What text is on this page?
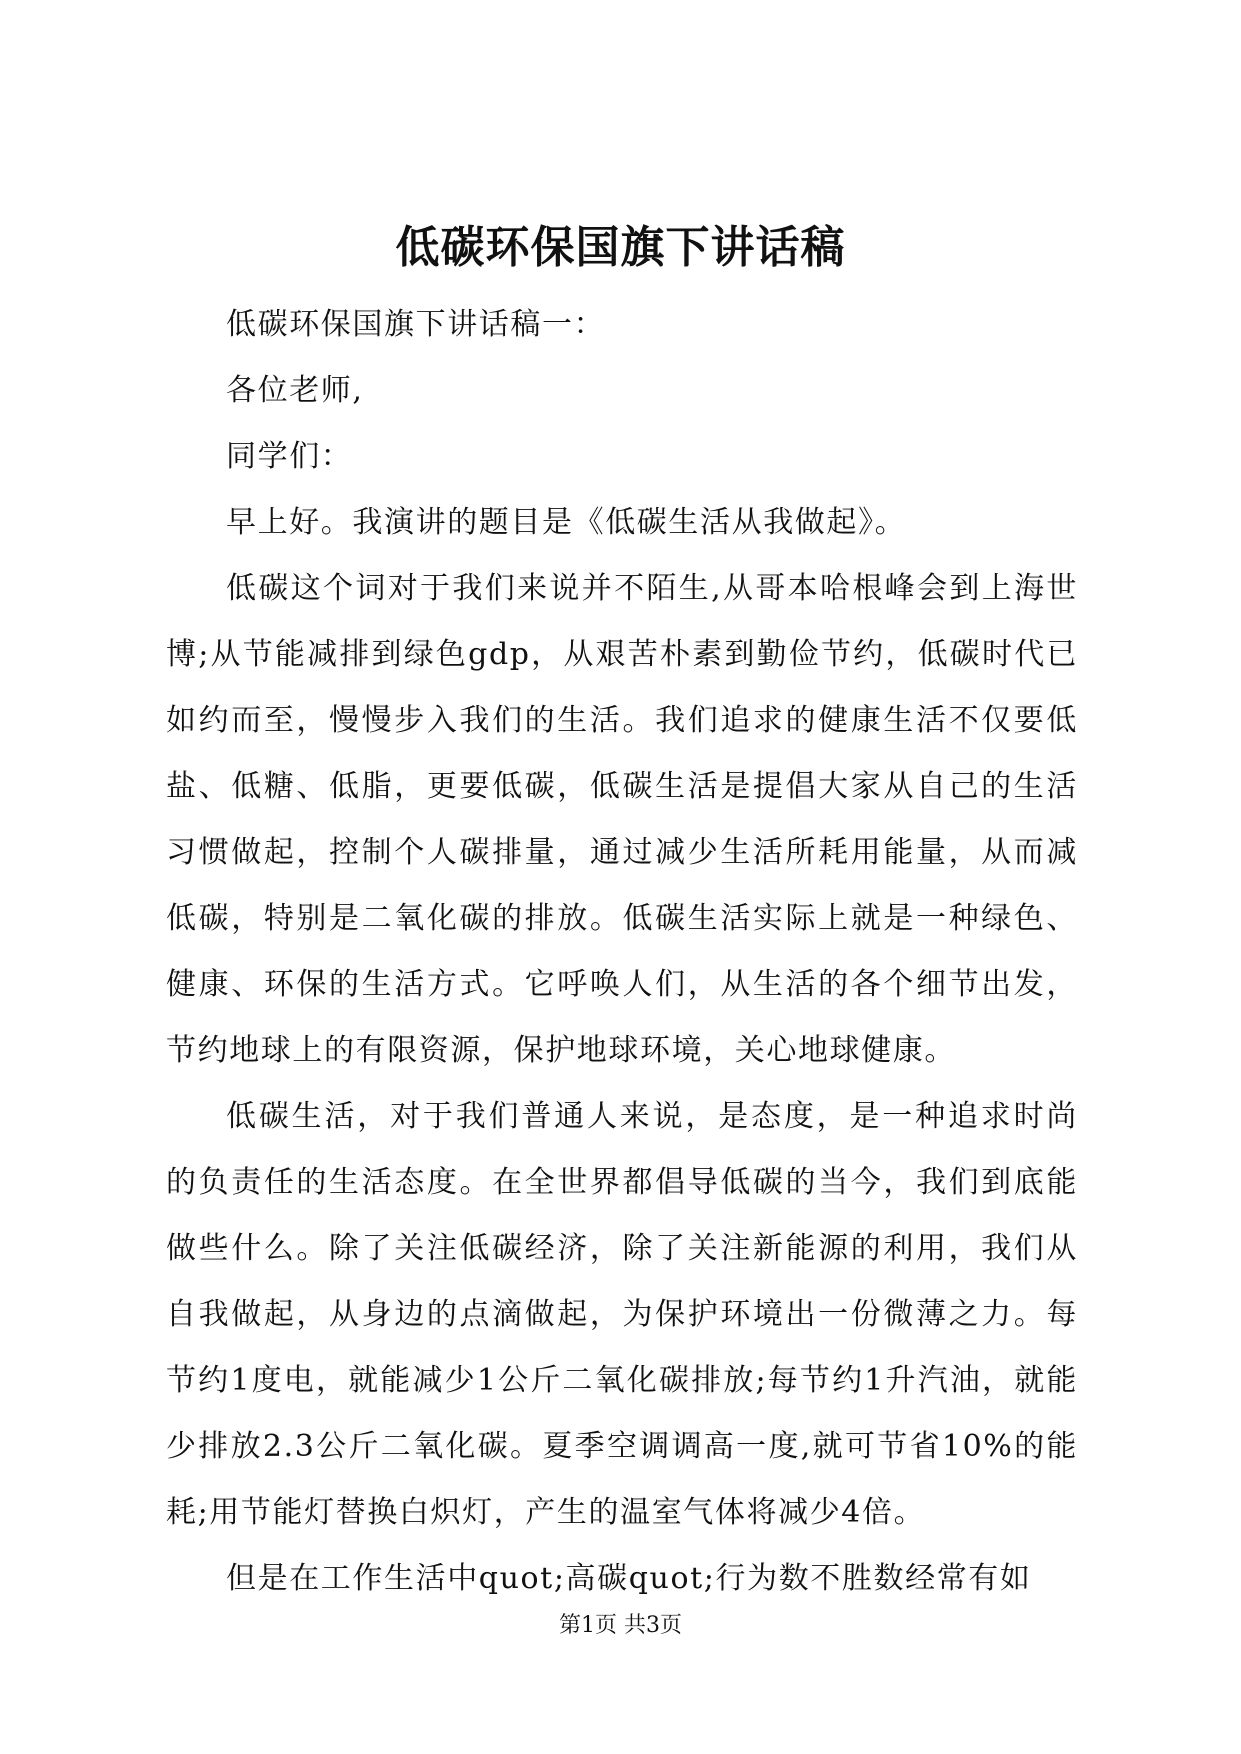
低碳环保国旗下讲话稿

低碳环保国旗下讲话稿一：

各位老师,

同学们：

早上好。我演讲的题目是《低碳生活从我做起》。

低碳这个词对于我们来说并不陌生,从哥本哈根峰会到上海世博;从节能减排到绿色gdp，从艰苦朴素到勤俭节约，低碳时代已如约而至，慢慢步入我们的生活。我们追求的健康生活不仅要低盐、低糖、低脂，更要低碳，低碳生活是提倡大家从自己的生活习惯做起，控制个人碳排量，通过减少生活所耗用能量，从而减低碳，特别是二氧化碳的排放。低碳生活实际上就是一种绿色、健康、环保的生活方式。它呼唤人们，从生活的各个细节出发，节约地球上的有限资源，保护地球环境，关心地球健康。

低碳生活，对于我们普通人来说，是态度，是一种追求时尚的负责任的生活态度。在全世界都倡导低碳的当今，我们到底能做些什么。除了关注低碳经济，除了关注新能源的利用，我们从自我做起，从身边的点滴做起，为保护环境出一份微薄之力。每节约1度电，就能减少1公斤二氧化碳排放;每节约1升汽油，就能少排放2.3公斤二氧化碳。夏季空调调高一度,就可节省10%的能耗;用节能灯替换白炽灯，产生的温室气体将减少4倍。

但是在工作生活中quot;高碳quot;行为数不胜数经常有如

第1页 共3页
